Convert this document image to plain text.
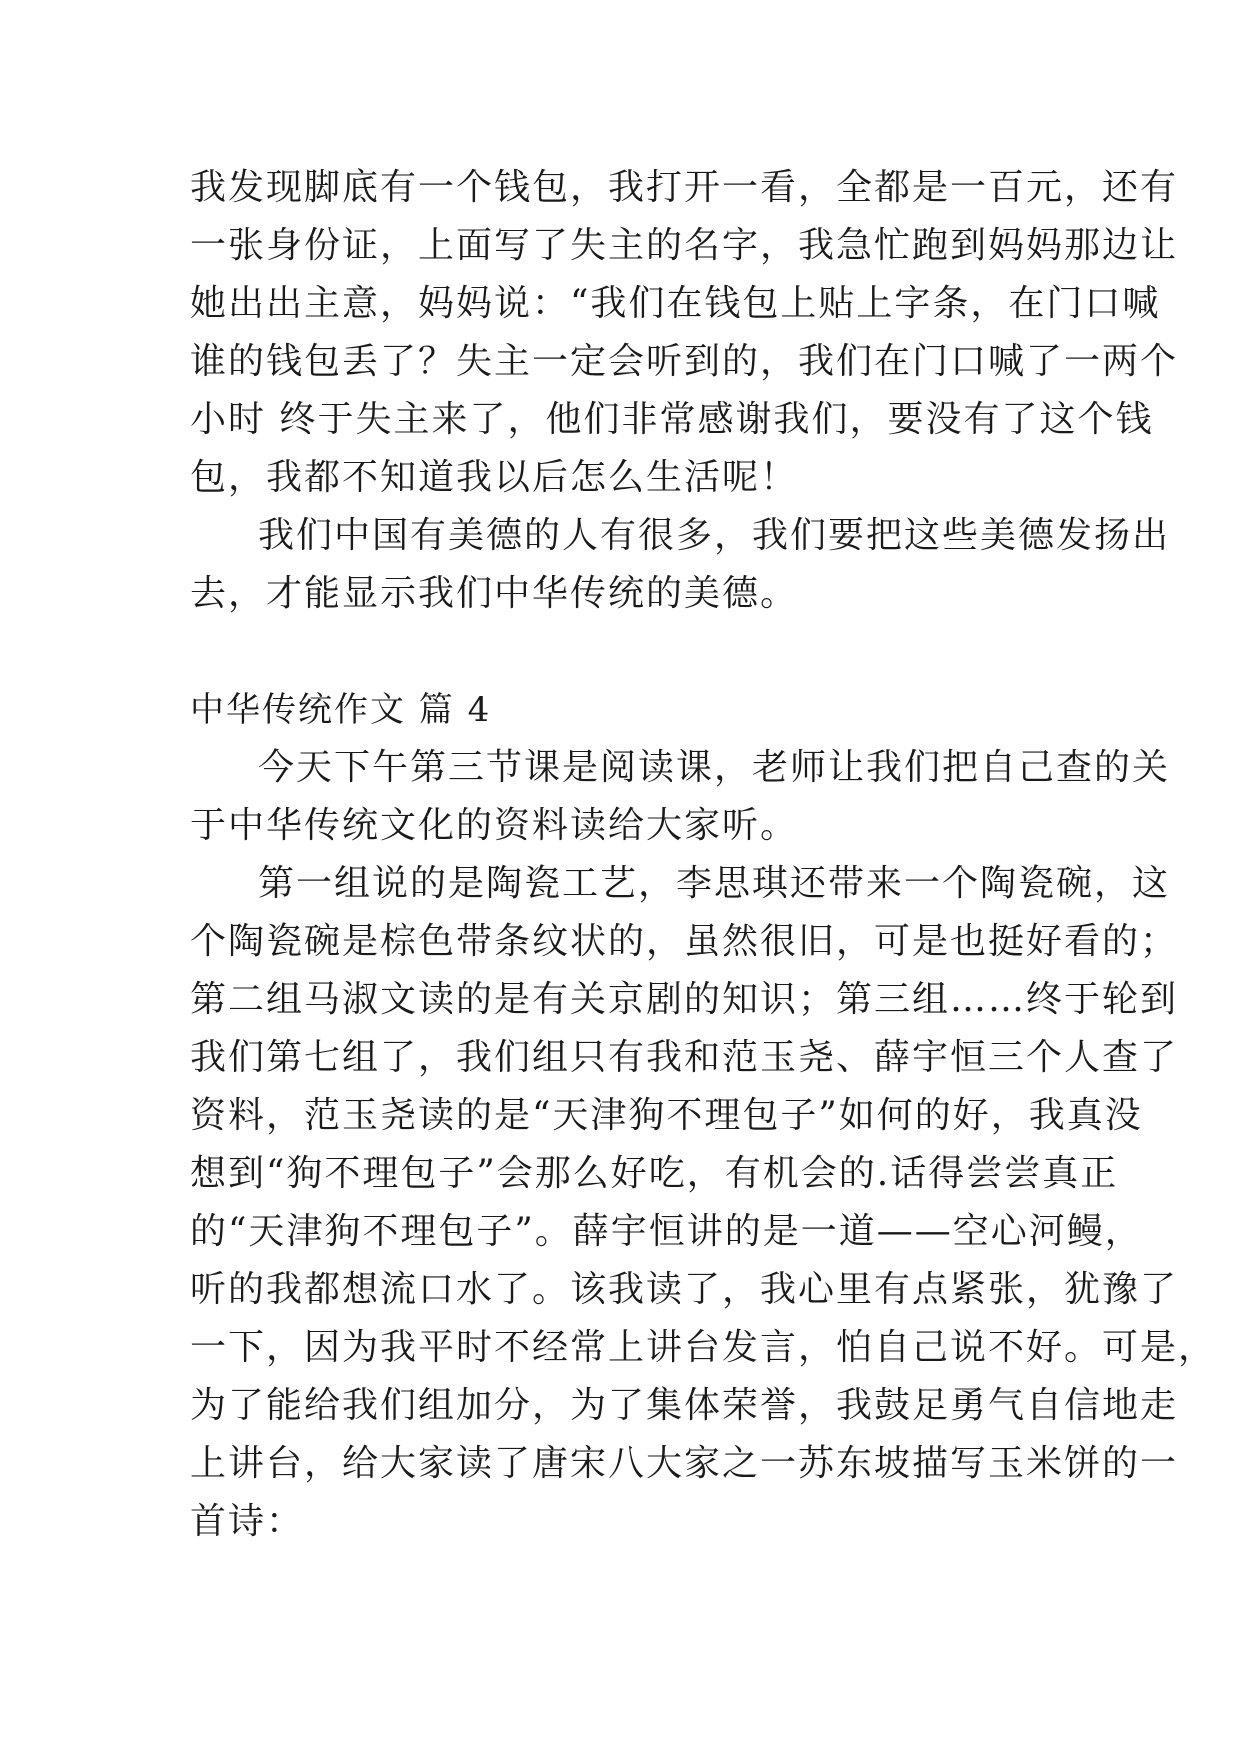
我发现脚底有一个钱包，我打开一看，全都是一百元，还有
一张身份证，上面写了失主的名字，我急忙跑到妈妈那边让
她出出主意，妈妈说：“我们在钱包上贴上字条，在门口喊
谁的钱包丢了？失主一定会听到的，我们在门口喊了一两个
小时 终于失主来了，他们非常感谢我们，要没有了这个钱
包，我都不知道我以后怎么生活呢！
我们中国有美德的人有很多，我们要把这些美德发扬出
去，才能显示我们中华传统的美德。
中华传统作文 篇 4
今天下午第三节课是阅读课，老师让我们把自己查的关
于中华传统文化的资料读给大家听。
第一组说的是陶瓷工艺，李思琪还带来一个陶瓷碗，这
个陶瓷碗是棕色带条纹状的，虽然很旧，可是也挺好看的；
第二组马淑文读的是有关京剧的知识；第三组……终于轮到
我们第七组了，我们组只有我和范玉尧、薛宇恒三个人查了
资料，范玉尧读的是“天津狗不理包子”如何的好，我真没
想到“狗不理包子”会那么好吃，有机会的.话得尝尝真正
的“天津狗不理包子”。薛宇恒讲的是一道——空心河鳗，
听的我都想流口水了。该我读了，我心里有点紧张，犹豫了
一下，因为我平时不经常上讲台发言，怕自己说不好。可是，
为了能给我们组加分，为了集体荣誉，我鼓足勇气自信地走
上讲台，给大家读了唐宋八大家之一苏东坡描写玉米饼的一
首诗：
